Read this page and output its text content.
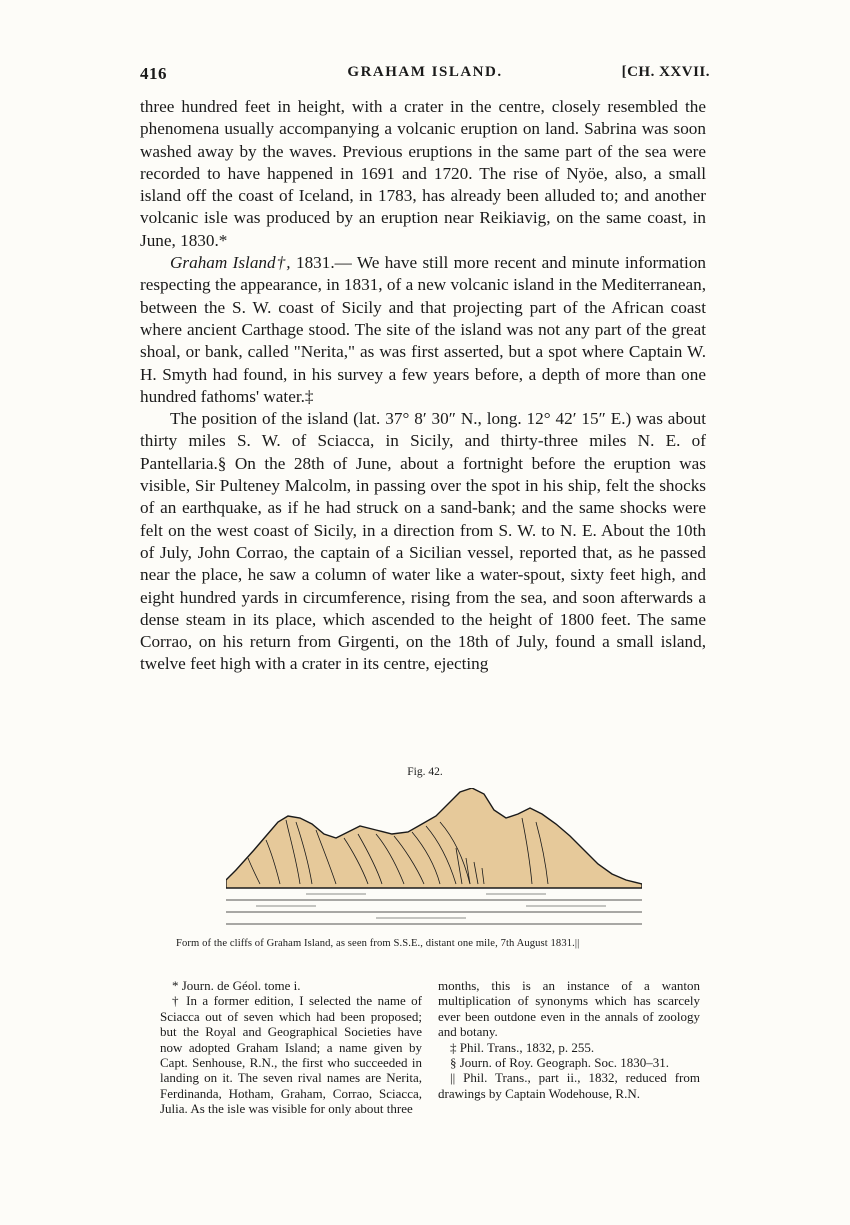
416	GRAHAM ISLAND.	[CH. XXVII.

three hundred feet in height, with a crater in the centre, closely resembled the phenomena usually accompanying a volcanic eruption on land. Sabrina was soon washed away by the waves. Previous eruptions in the same part of the sea were recorded to have happened in 1691 and 1720. The rise of Nyöe, also, a small island off the coast of Iceland, in 1783, has already been alluded to; and another volcanic isle was produced by an eruption near Reikiavig, on the same coast, in June, 1830.*

Graham Island†, 1831.— We have still more recent and minute information respecting the appearance, in 1831, of a new volcanic island in the Mediterranean, between the S. W. coast of Sicily and that projecting part of the African coast where ancient Carthage stood. The site of the island was not any part of the great shoal, or bank, called "Nerita," as was first asserted, but a spot where Captain W. H. Smyth had found, in his survey a few years before, a depth of more than one hundred fathoms' water.‡

The position of the island (lat. 37° 8′ 30″ N., long. 12° 42′ 15″ E.) was about thirty miles S. W. of Sciacca, in Sicily, and thirty-three miles N. E. of Pantellaria.§ On the 28th of June, about a fortnight before the eruption was visible, Sir Pulteney Malcolm, in passing over the spot in his ship, felt the shocks of an earthquake, as if he had struck on a sand-bank; and the same shocks were felt on the west coast of Sicily, in a direction from S. W. to N. E. About the 10th of July, John Corrao, the captain of a Sicilian vessel, reported that, as he passed near the place, he saw a column of water like a water-spout, sixty feet high, and eight hundred yards in circumference, rising from the sea, and soon afterwards a dense steam in its place, which ascended to the height of 1800 feet. The same Corrao, on his return from Girgenti, on the 18th of July, found a small island, twelve feet high with a crater in its centre, ejecting

Fig. 42.
Form of the cliffs of Graham Island, as seen from S.S.E., distant one mile, 7th August 1831.||

* Journ. de Géol. tome i.

† In a former edition, I selected the name of Sciacca out of seven which had been proposed; but the Royal and Geographical Societies have now adopted Graham Island; a name given by Capt. Senhouse, R.N., the first who succeeded in landing on it. The seven rival names are Nerita, Ferdinanda, Hotham, Graham, Corrao, Sciacca, Julia. As the isle was visible for only about three

months, this is an instance of a wanton multiplication of synonyms which has scarcely ever been outdone even in the annals of zoology and botany.

‡ Phil. Trans., 1832, p. 255.

§ Journ. of Roy. Geograph. Soc. 1830–31.

|| Phil. Trans., part ii., 1832, reduced from drawings by Captain Wodehouse, R.N.
